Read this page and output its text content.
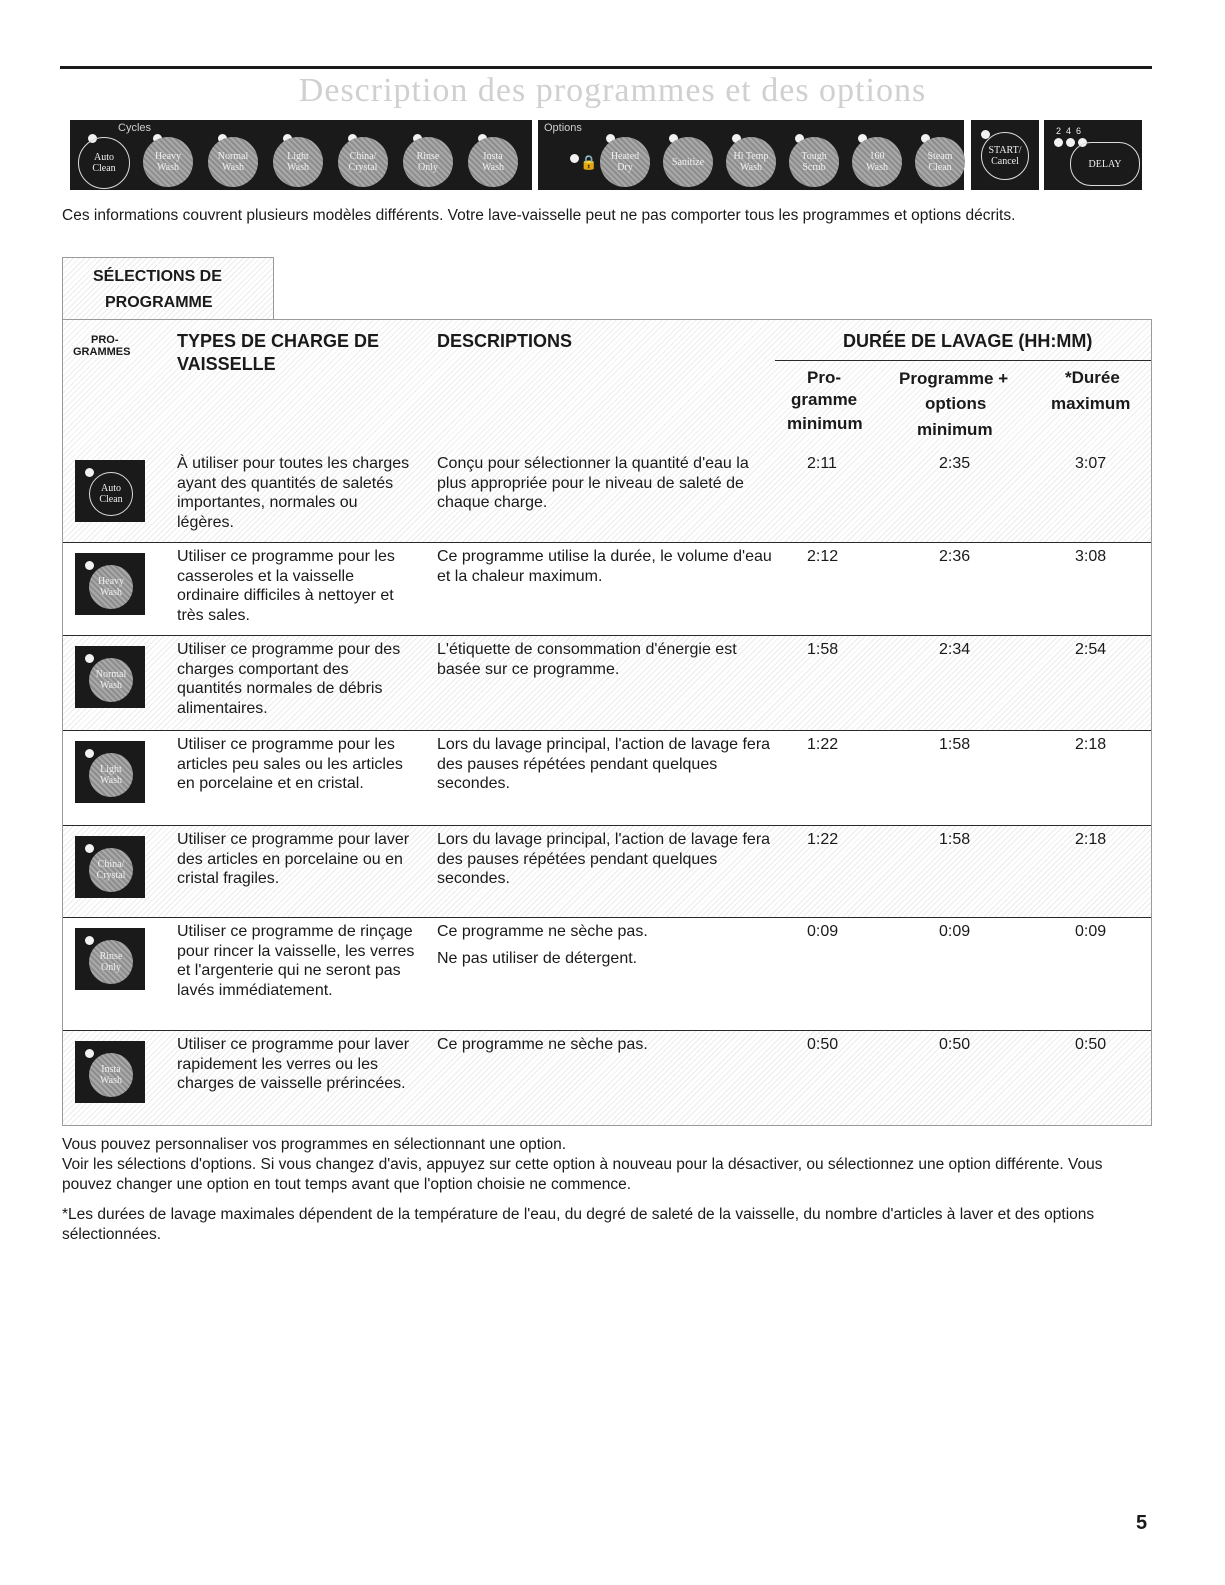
Description des programmes et des options
Cycles
Auto
Clean
Heavy
Wash
Normal
Wash
Light
Wash
China/
Crystal
Rinse
Only
Insta
Wash
Options
🔒 Heated
Dry	Sanitize	Hi Temp
Wash
Tough
Scrub
160
Wash
Steam
Clean
START/
Cancel
2  4  6
DELAY
Ces informations couvrent plusieurs modèles différents. Votre lave-vaisselle peut ne pas comporter tous les programmes et options décrits.
SÉLECTIONS DE
PROGRAMME
PRO-
GRAMMES
TYPES DE CHARGE DE
VAISSELLE
DESCRIPTIONS	DURÉE DE LAVAGE (HH:MM)
Pro-
gramme
minimum
Programme +
options
minimum
*Durée
maximum
Auto
Clean
À utiliser pour toutes les charges ayant des quantités de saletés importantes, normales ou légères.

Conçu pour sélectionner la quantité d'eau la plus appropriée pour le niveau de saleté de chaque charge.

2:11	2:35	3:07
Heavy
Wash
Utiliser ce programme pour les casseroles et la vaisselle ordinaire difficiles à nettoyer et très sales.

Ce programme utilise la durée, le volume d'eau et la chaleur maximum.

2:12	2:36	3:08
Normal
Wash
Utiliser ce programme pour des charges comportant des quantités normales de débris alimentaires.

L'étiquette de consommation d'énergie est basée sur ce programme.

1:58	2:34	2:54
Light
Wash
Utiliser ce programme pour les articles peu sales ou les articles en porcelaine et en cristal.

Lors du lavage principal, l'action de lavage fera des pauses répétées pendant quelques secondes.

1:22	1:58	2:18
China/
Crystal
Utiliser ce programme pour laver des articles en porcelaine ou en cristal fragiles.

Lors du lavage principal, l'action de lavage fera des pauses répétées pendant quelques secondes.

1:22	1:58	2:18
Rinse
Only
Utiliser ce programme de rinçage pour rincer la vaisselle, les verres et l'argenterie qui ne seront pas lavés immédiatement.

Ce programme ne sèche pas.

Ne pas utiliser de détergent.

0:09	0:09	0:09
Insta
Wash
Utiliser ce programme pour laver rapidement les verres ou les charges de vaisselle prérincées.

Ce programme ne sèche pas.	0:50	0:50	0:50

Vous pouvez personnaliser vos programmes en sélectionnant une option.

Voir les sélections d'options. Si vous changez d'avis, appuyez sur cette option à nouveau pour la désactiver, ou sélectionnez une option différente. Vous pouvez changer une option en tout temps avant que l'option choisie ne commence.

*Les durées de lavage maximales dépendent de la température de l'eau, du degré de saleté de la vaisselle, du nombre d'articles à laver et des options sélectionnées.

5
